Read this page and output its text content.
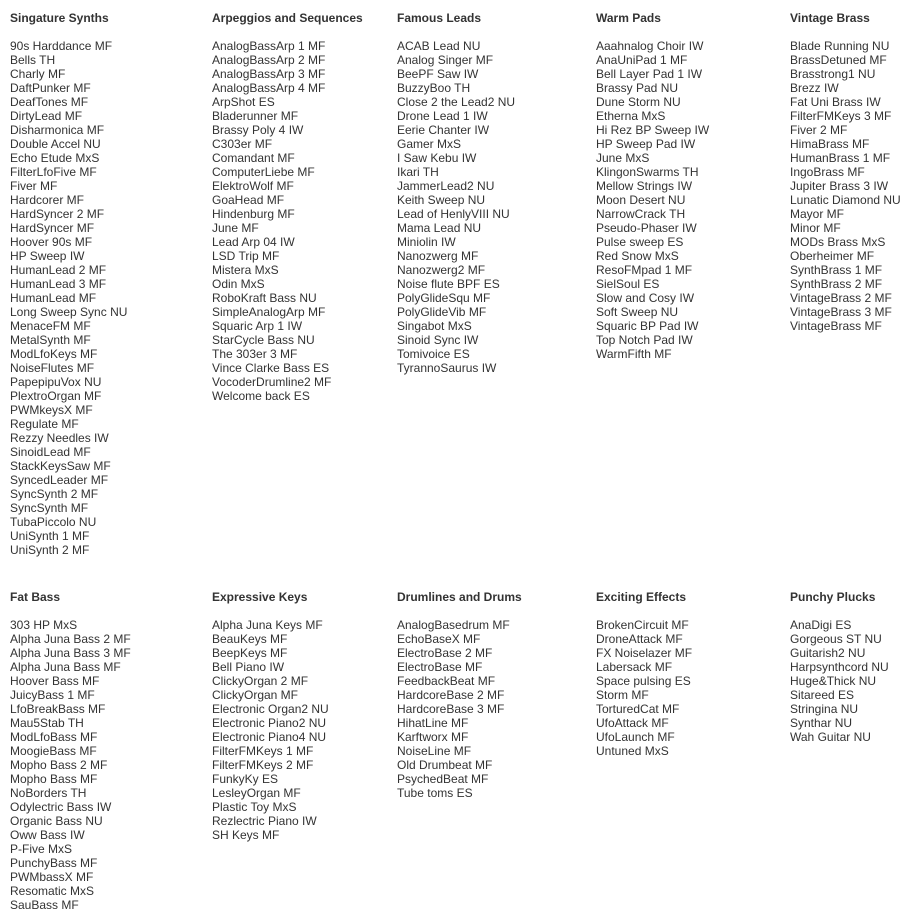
Singature Synths
90s Harddance MF
Bells TH
Charly MF
DaftPunker MF
DeafTones MF
DirtyLead MF
Disharmonica MF
Double Accel NU
Echo Etude MxS
FilterLfoFive MF
Fiver MF
Hardcorer MF
HardSyncer 2 MF
HardSyncer MF
Hoover 90s MF
HP Sweep IW
HumanLead 2 MF
HumanLead 3 MF
HumanLead MF
Long Sweep Sync NU
MenaceFM MF
MetalSynth MF
ModLfoKeys MF
NoiseFlutes MF
PapepipuVox NU
PlextroOrgan MF
PWMkeysX MF
Regulate MF
Rezzy Needles IW
SinoidLead MF
StackKeysSaw MF
SyncedLeader MF
SyncSynth 2 MF
SyncSynth MF
TubaPiccolo NU
UniSynth 1 MF
UniSynth 2 MF
Arpeggios and Sequences
AnalogBassArp 1 MF
AnalogBassArp 2 MF
AnalogBassArp 3 MF
AnalogBassArp 4 MF
ArpShot ES
Bladerunner MF
Brassy Poly 4 IW
C303er MF
Comandant MF
ComputerLiebe MF
ElektroWolf MF
GoaHead MF
Hindenburg MF
June MF
Lead Arp 04 IW
LSD Trip MF
Mistera MxS
Odin MxS
RoboKraft Bass NU
SimpleAnalogArp MF
Squaric Arp 1 IW
StarCycle Bass NU
The 303er 3 MF
Vince Clarke Bass ES
VocoderDrumline2 MF
Welcome back ES
Famous Leads
ACAB Lead NU
Analog Singer MF
BeePF Saw IW
BuzzyBoo TH
Close 2 the Lead2 NU
Drone Lead 1 IW
Eerie Chanter IW
Gamer MxS
I Saw Kebu IW
Ikari TH
JammerLead2 NU
Keith Sweep NU
Lead of HenlyVIII NU
Mama Lead NU
Miniolin IW
Nanozwerg MF
Nanozwerg2 MF
Noise flute BPF ES
PolyGlideSqu MF
PolyGlideVib MF
Singabot MxS
Sinoid Sync IW
Tomivoice ES
TyrannoSaurus IW
Warm Pads
Aaahnalog Choir IW
AnaUniPad 1 MF
Bell Layer Pad 1 IW
Brassy Pad NU
Dune Storm NU
Etherna MxS
Hi Rez BP Sweep IW
HP Sweep Pad IW
June MxS
KlingonSwarms TH
Mellow Strings IW
Moon Desert NU
NarrowCrack TH
Pseudo-Phaser IW
Pulse sweep ES
Red Snow MxS
ResoFMpad 1 MF
SielSoul ES
Slow and Cosy IW
Soft Sweep NU
Squaric BP Pad IW
Top Notch Pad IW
WarmFifth MF
Vintage Brass
Blade Running NU
BrassDetuned MF
Brasstrong1 NU
Brezz IW
Fat Uni Brass IW
FilterFMKeys 3 MF
Fiver 2 MF
HimaBrass MF
HumanBrass 1 MF
IngoBrass MF
Jupiter Brass 3 IW
Lunatic Diamond NU
Mayor MF
Minor MF
MODs Brass MxS
Oberheimer MF
SynthBrass 1 MF
SynthBrass 2 MF
VintageBrass 2 MF
VintageBrass 3 MF
VintageBrass MF
Fat Bass
303 HP MxS
Alpha Juna Bass 2 MF
Alpha Juna Bass 3 MF
Alpha Juna Bass MF
Hoover Bass MF
JuicyBass 1 MF
LfoBreakBass MF
Mau5Stab TH
ModLfoBass MF
MoogieBass MF
Mopho Bass 2 MF
Mopho Bass MF
NoBorders TH
Odylectric Bass IW
Organic Bass NU
Oww Bass IW
P-Five MxS
PunchyBass MF
PWMbassX MF
Resomatic MxS
SauBass MF
Expressive Keys
Alpha Juna Keys MF
BeauKeys MF
BeepKeys MF
Bell Piano IW
ClickyOrgan 2 MF
ClickyOrgan MF
Electronic Organ2 NU
Electronic Piano2 NU
Electronic Piano4 NU
FilterFMKeys 1 MF
FilterFMKeys 2 MF
FunkyKy ES
LesleyOrgan MF
Plastic Toy MxS
Rezlectric Piano IW
SH Keys MF
Drumlines and Drums
AnalogBasedrum MF
EchoBaseX MF
ElectroBase 2 MF
ElectroBase MF
FeedbackBeat MF
HardcoreBase 2 MF
HardcoreBase 3 MF
HihatLine MF
Karftworx MF
NoiseLine MF
Old Drumbeat MF
PsychedBeat MF
Tube toms ES
Exciting Effects
BrokenCircuit MF
DroneAttack MF
FX Noiselazer MF
Labersack MF
Space pulsing ES
Storm MF
TorturedCat MF
UfoAttack MF
UfoLaunch MF
Untuned MxS
Punchy Plucks
AnaDigi ES
Gorgeous ST NU
Guitarish2 NU
Harpsynthcord NU
Huge&Thick NU
Sitareed ES
Stringina NU
Synthar NU
Wah Guitar NU
